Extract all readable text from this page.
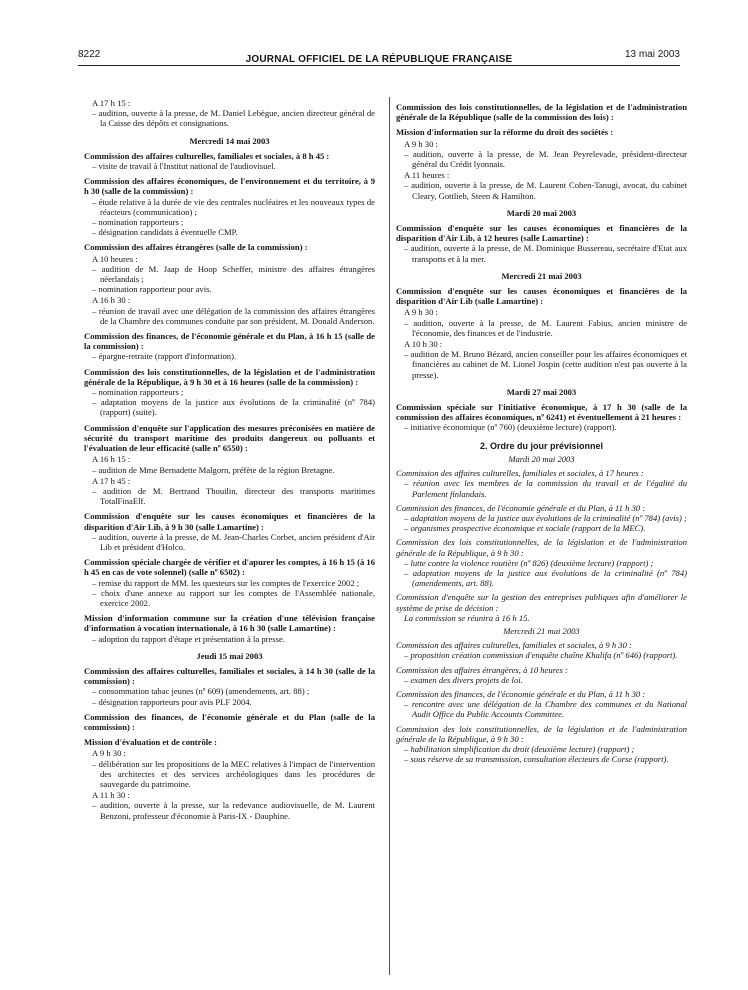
8222	JOURNAL OFFICIEL DE LA RÉPUBLIQUE FRANÇAISE	13 mai 2003
A 17 h 15 :
– audition, ouverte à la presse, de M. Daniel Lebègue, ancien directeur général de la Caisse des dépôts et consignations.
Mercredi 14 mai 2003
Commission des affaires culturelles, familiales et sociales, à 8 h 45 :
– visite de travail à l'Institut national de l'audiovisuel.
Commission des affaires économiques, de l'environnement et du territoire, à 9 h 30 (salle de la commission) :
– étude relative à la durée de vie des centrales nucléaires et les nouveaux types de réacteurs (communication) ;
– nomination rapporteurs ;
– désignation candidats à éventuelle CMP.
Commission des affaires étrangères (salle de la commission) :
A 10 heures :
– audition de M. Jaap de Hoop Scheffer, ministre des affaires étrangères néerlandais ;
– nomination rapporteur pour avis.
A 16 h 30 :
– réunion de travail avec une délégation de la commission des affaires étrangères de la Chambre des communes conduite par son président, M. Donald Anderson.
Commission des finances, de l'économie générale et du Plan, à 16 h 15 (salle de la commission) :
– épargne-retraite (rapport d'information).
Commission des lois constitutionnelles, de la législation et de l'administration générale de la République, à 9 h 30 et à 16 heures (salle de la commission) :
– nomination rapporteurs ;
– adaptation moyens de la justice aux évolutions de la criminalité (nº 784) (rapport) (suite).
Commission d'enquête sur l'application des mesures préconisées en matière de sécurité du transport maritime des produits dangereux ou polluants et l'évaluation de leur efficacité (salle nº 6550) :
A 16 h 15 :
– audition de Mme Bernadette Malgorn, préfète de la région Bretagne.
A 17 h 45 :
– audition de M. Bertrand Thouilin, directeur des transports maritimes TotalFinaElf.
Commission d'enquête sur les causes économiques et financières de la disparition d'Air Lib, à 9 h 30 (salle Lamartine) :
– audition, ouverte à la presse, de M. Jean-Charles Corbet, ancien président d'Air Lib et président d'Holco.
Commission spéciale chargée de vérifier et d'apurer les comptes, à 16 h 15 (à 16 h 45 en cas de vote solennel) (salle nº 6502) :
– remise du rapport de MM. les questeurs sur les comptes de l'exercice 2002 ;
– choix d'une annexe au rapport sur les comptes de l'Assemblée nationale, exercice 2002.
Mission d'information commune sur la création d'une télévision française d'information à vocation internationale, à 16 h 30 (salle Lamartine) :
– adoption du rapport d'étape et présentation à la presse.
Jeudi 15 mai 2003
Commission des affaires culturelles, familiales et sociales, à 14 h 30 (salle de la commission) :
– consommation tabac jeunes (nº 609) (amendements, art. 88) ;
– désignation rapporteurs pour avis PLF 2004.
Commission des finances, de l'économie générale et du Plan (salle de la commission) :
Mission d'évaluation et de contrôle :
A 9 h 30 :
– délibération sur les propositions de la MEC relatives à l'impact de l'intervention des architectes et des services archéologiques dans les procédures de sauvegarde du patrimoine.
A 11 h 30 :
– audition, ouverte à la presse, sur la redevance audiovisuelle, de M. Laurent Benzoni, professeur d'économie à Paris-IX - Dauphine.
Commission des lois constitutionnelles, de la législation et de l'administration générale de la République (salle de la commission des lois) :
Mission d'information sur la réforme du droit des sociétés :
A 9 h 30 :
– audition, ouverte à la presse, de M. Jean Peyrelevade, président-directeur général du Crédit lyonnais.
A 11 heures :
– audition, ouverte à la presse, de M. Laurent Cohen-Tanugi, avocat, du cabinet Cleary, Gottlieb, Steen & Hamilton.
Mardi 20 mai 2003
Commission d'enquête sur les causes économiques et financières de la disparition d'Air Lib, à 12 heures (salle Lamartine) :
– audition, ouverte à la presse, de M. Dominique Bussereau, secrétaire d'Etat aux transports et à la mer.
Mercredi 21 mai 2003
Commission d'enquête sur les causes économiques et financières de la disparition d'Air Lib (salle Lamartine) :
A 9 h 30 :
– audition, ouverte à la presse, de M. Laurent Fabius, ancien ministre de l'économie, des finances et de l'industrie.
A 10 h 30 :
– audition de M. Bruno Bézard, ancien conseiller pour les affaires économiques et financières au cabinet de M. Lionel Jospin (cette audition n'est pas ouverte à la presse).
Mardi 27 mai 2003
Commission spéciale sur l'initiative économique, à 17 h 30 (salle de la commission des affaires économiques, nº 6241) et éventuellement à 21 heures :
– initiative économique (nº 760) (deuxième lecture) (rapport).
2. Ordre du jour prévisionnel
Mardi 20 mai 2003
Commission des affaires culturelles, familiales et sociales, à 17 heures :
– réunion avec les membres de la commission du travail et de l'égalité du Parlement finlandais.
Commission des finances, de l'économie générale et du Plan, à 11 h 30 :
– adaptation moyens de la justice aux évolutions de la criminalité (nº 784) (avis) ;
– organismes prospective économique et sociale (rapport de la MEC).
Commission des lois constitutionnelles, de la législation et de l'administration générale de la République, à 9 h 30 :
– lutte contre la violence routière (nº 826) (deuxième lecture) (rapport) ;
– adaptation moyens de la justice aux évolutions de la criminalité (nº 784) (amendements, art. 88).
Commission d'enquête sur la gestion des entreprises publiques afin d'améliorer le système de prise de décision :
La commission se réunira à 16 h 15.
Mercredi 21 mai 2003
Commission des affaires culturelles, familiales et sociales, à 9 h 30 :
– proposition création commission d'enquête chaîne Khalifa (nº 646) (rapport).
Commission des affaires étrangères, à 10 heures :
– examen des divers projets de loi.
Commission des finances, de l'économie générale et du Plan, à 11 h 30 :
– rencontre avec une délégation de la Chambre des communes et du National Audit Office du Public Accounts Committee.
Commission des lois constitutionnelles, de la législation et de l'administration générale de la République, à 9 h 30 :
– habilitation simplification du droit (deuxième lecture) (rapport) ;
– sous réserve de sa transmission, consultation électeurs de Corse (rapport).
